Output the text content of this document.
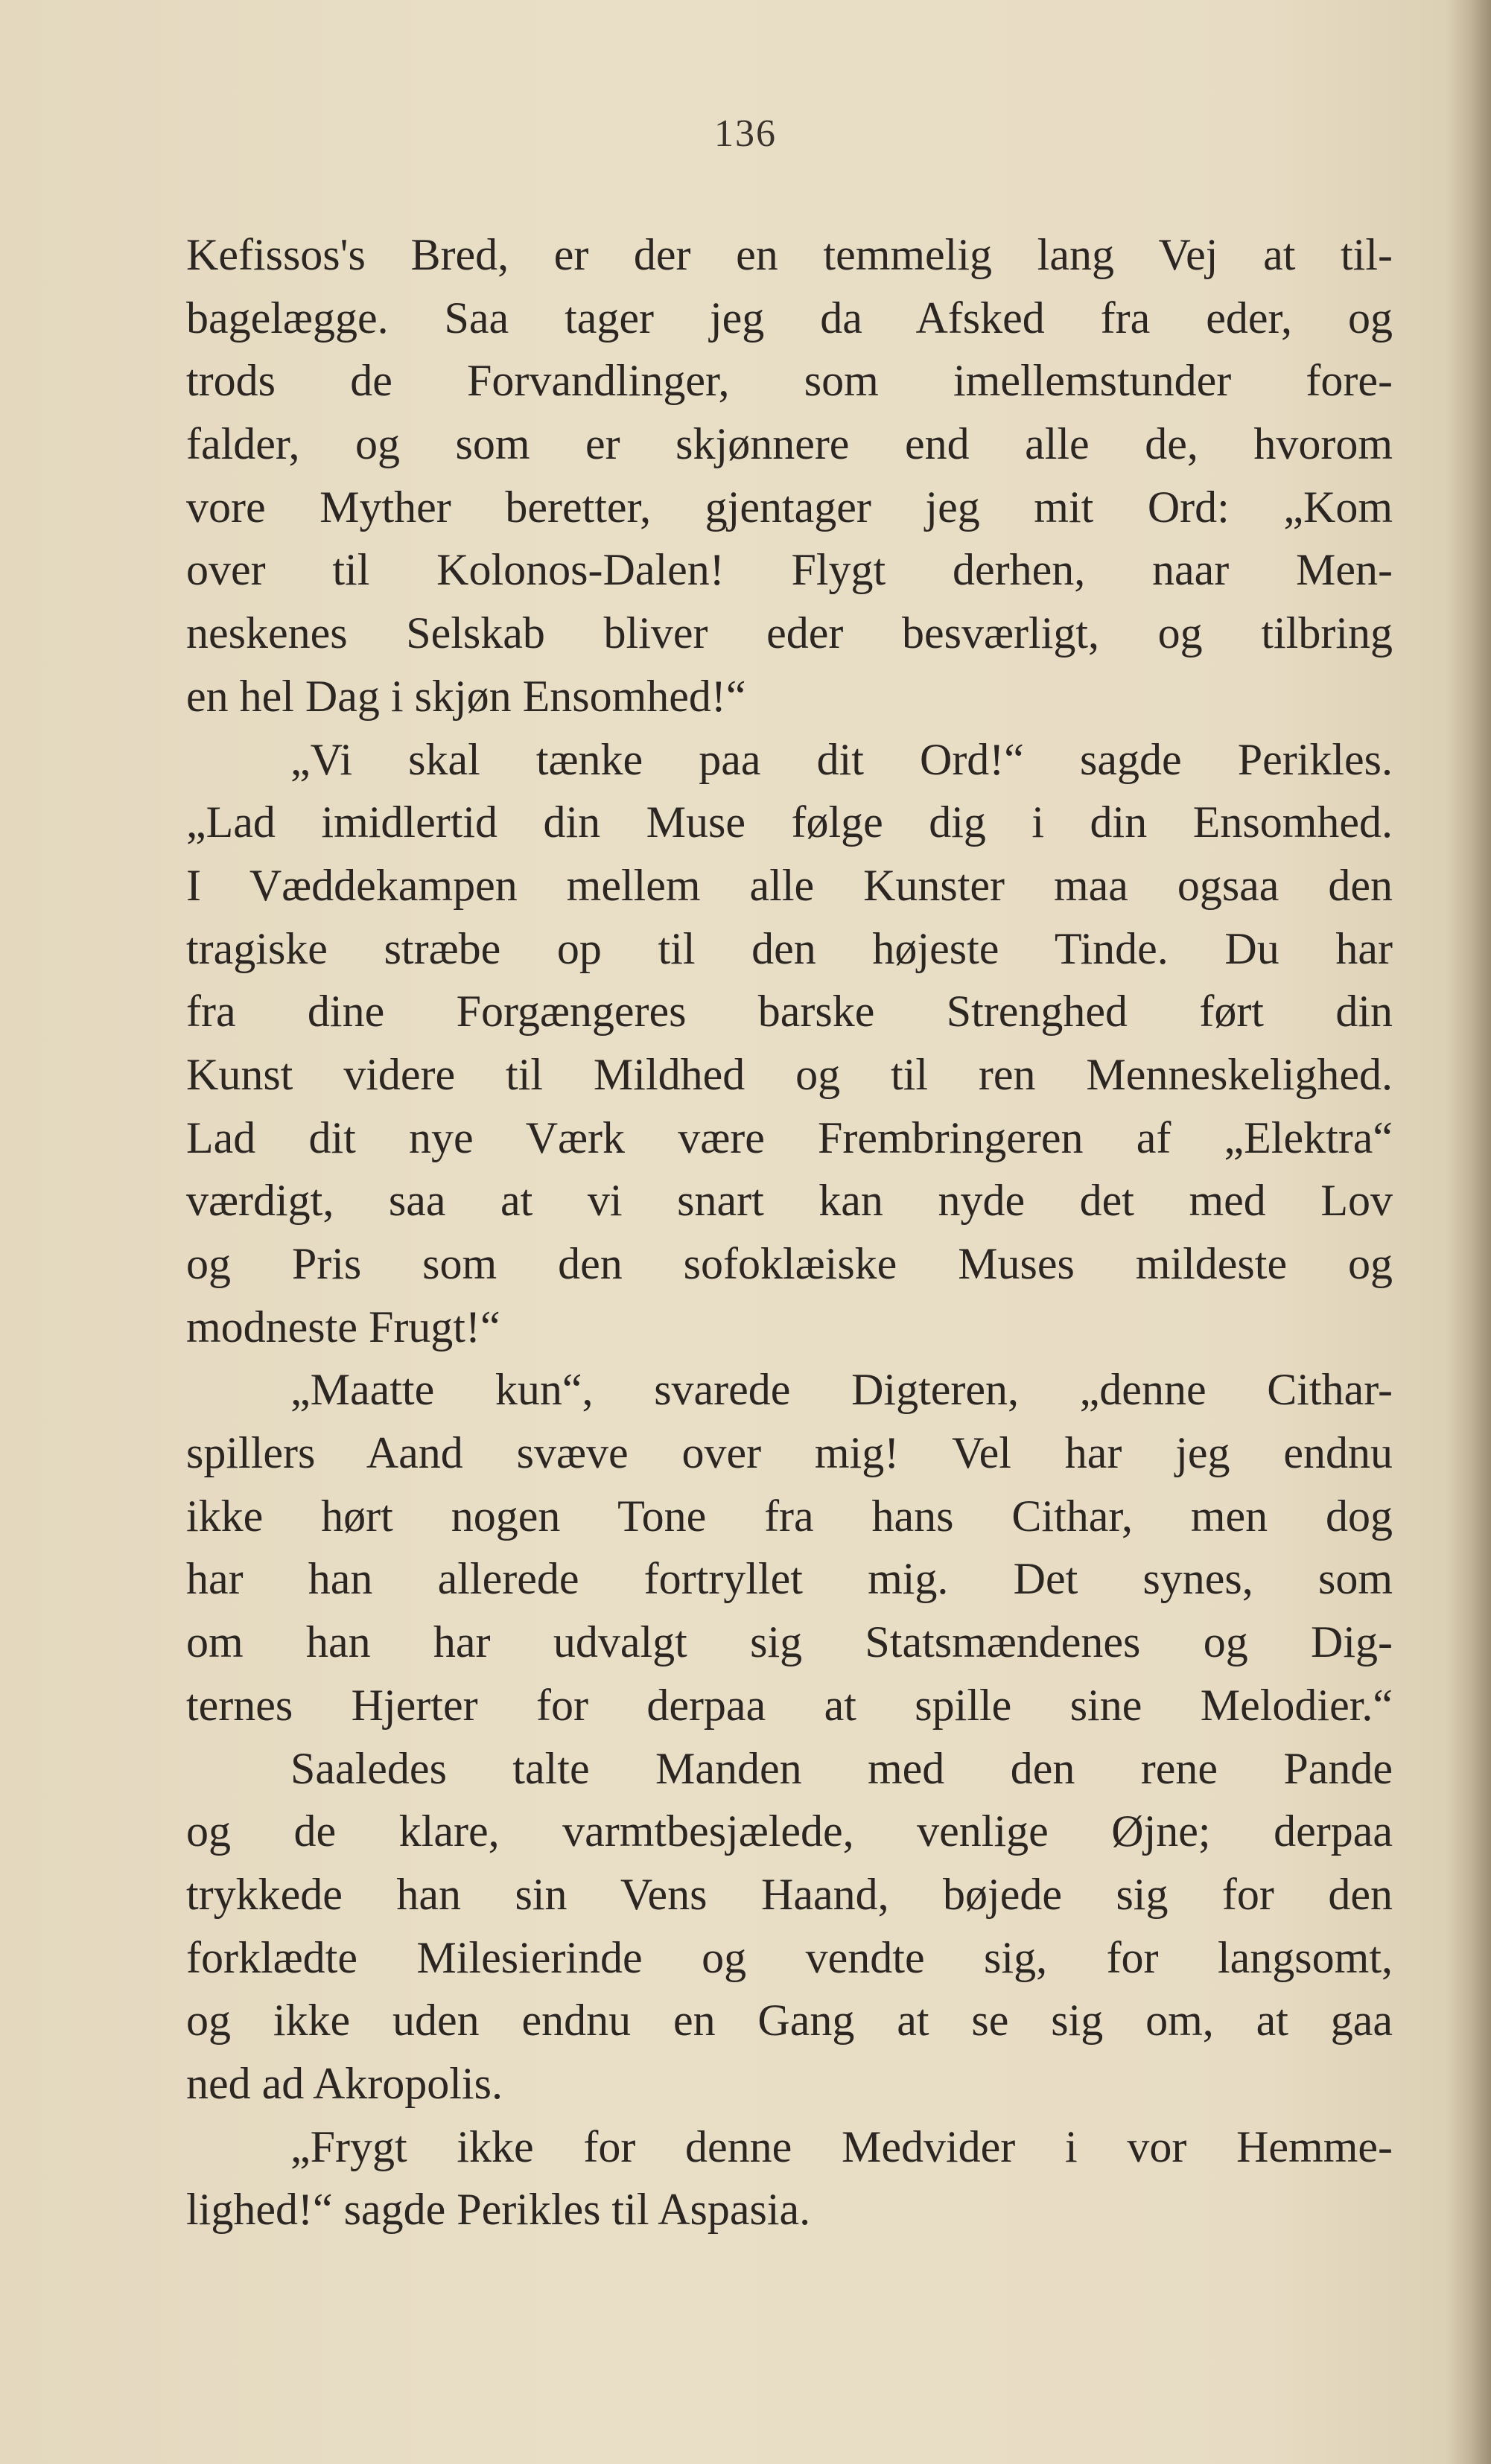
136
Kefissos's Bred, er der en temmelig lang Vej at til-
bagelægge. Saa tager jeg da Afsked fra eder, og
trods de Forvandlinger, som imellemstunder fore-
falder, og som er skjønnere end alle de, hvorom
vore Myther beretter, gjentager jeg mit Ord: „Kom
over til Kolonos-Dalen! Flygt derhen, naar Men-
neskenes Selskab bliver eder besværligt, og tilbring
en hel Dag i skjøn Ensomhed!“
„Vi skal tænke paa dit Ord!“ sagde Perikles.
„Lad imidlertid din Muse følge dig i din Ensomhed.
I Væddekampen mellem alle Kunster maa ogsaa den
tragiske stræbe op til den højeste Tinde. Du har
fra dine Forgængeres barske Strenghed ført din
Kunst videre til Mildhed og til ren Menneskelighed.
Lad dit nye Værk være Frembringeren af „Elektra“
værdigt, saa at vi snart kan nyde det med Lov
og Pris som den sofoklæiske Muses mildeste og
modneste Frugt!“
„Maatte kun“, svarede Digteren, „denne Cithar-
spillers Aand svæve over mig! Vel har jeg endnu
ikke hørt nogen Tone fra hans Cithar, men dog
har han allerede fortryllet mig. Det synes, som
om han har udvalgt sig Statsmændenes og Dig-
ternes Hjerter for derpaa at spille sine Melodier.“
Saaledes talte Manden med den rene Pande
og de klare, varmtbesjælede, venlige Øjne; derpaa
trykkede han sin Vens Haand, bøjede sig for den
forklædte Milesierinde og vendte sig, for langsomt,
og ikke uden endnu en Gang at se sig om, at gaa
ned ad Akropolis.
„Frygt ikke for denne Medvider i vor Hemme-
lighed!“ sagde Perikles til Aspasia.
